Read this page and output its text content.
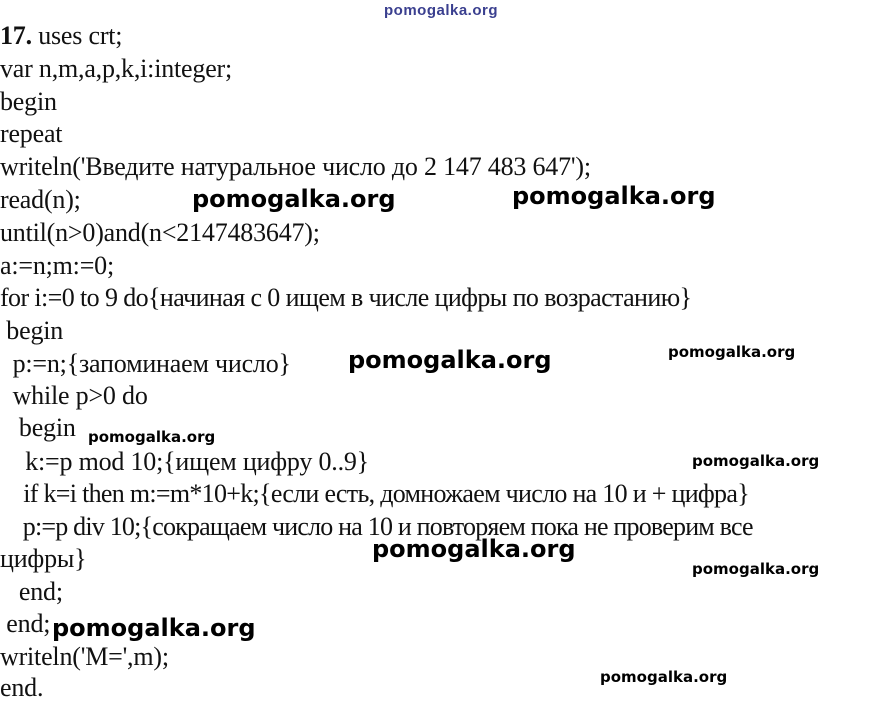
pomogalka.org
17. uses crt;
var n,m,a,p,k,i:integer;
begin
repeat
writeln('Введите натуральное число до 2 147 483 647');
read(n);
until(n>0)and(n<2147483647);
a:=n;m:=0;
for i:=0 to 9 do{начиная с 0 ищем в числе цифры по возрастанию}
begin
p:=n;{запоминаем число}
while p>0 do
begin
k:=p mod 10;{ищем цифру 0..9}
if k=i then m:=m*10+k;{если есть, домножаем число на 10 и + цифра}
p:=p div 10;{сокращаем число на 10 и повторяем пока не проверим все
цифры}
end;
end;
writeln('M=',m);
end.
pomogalka.org	pomogalka.org
pomogalka.org	pomogalka.org
pomogalka.org
pomogalka.org
pomogalka.org
pomogalka.org
pomogalka.org
pomogalka.org
